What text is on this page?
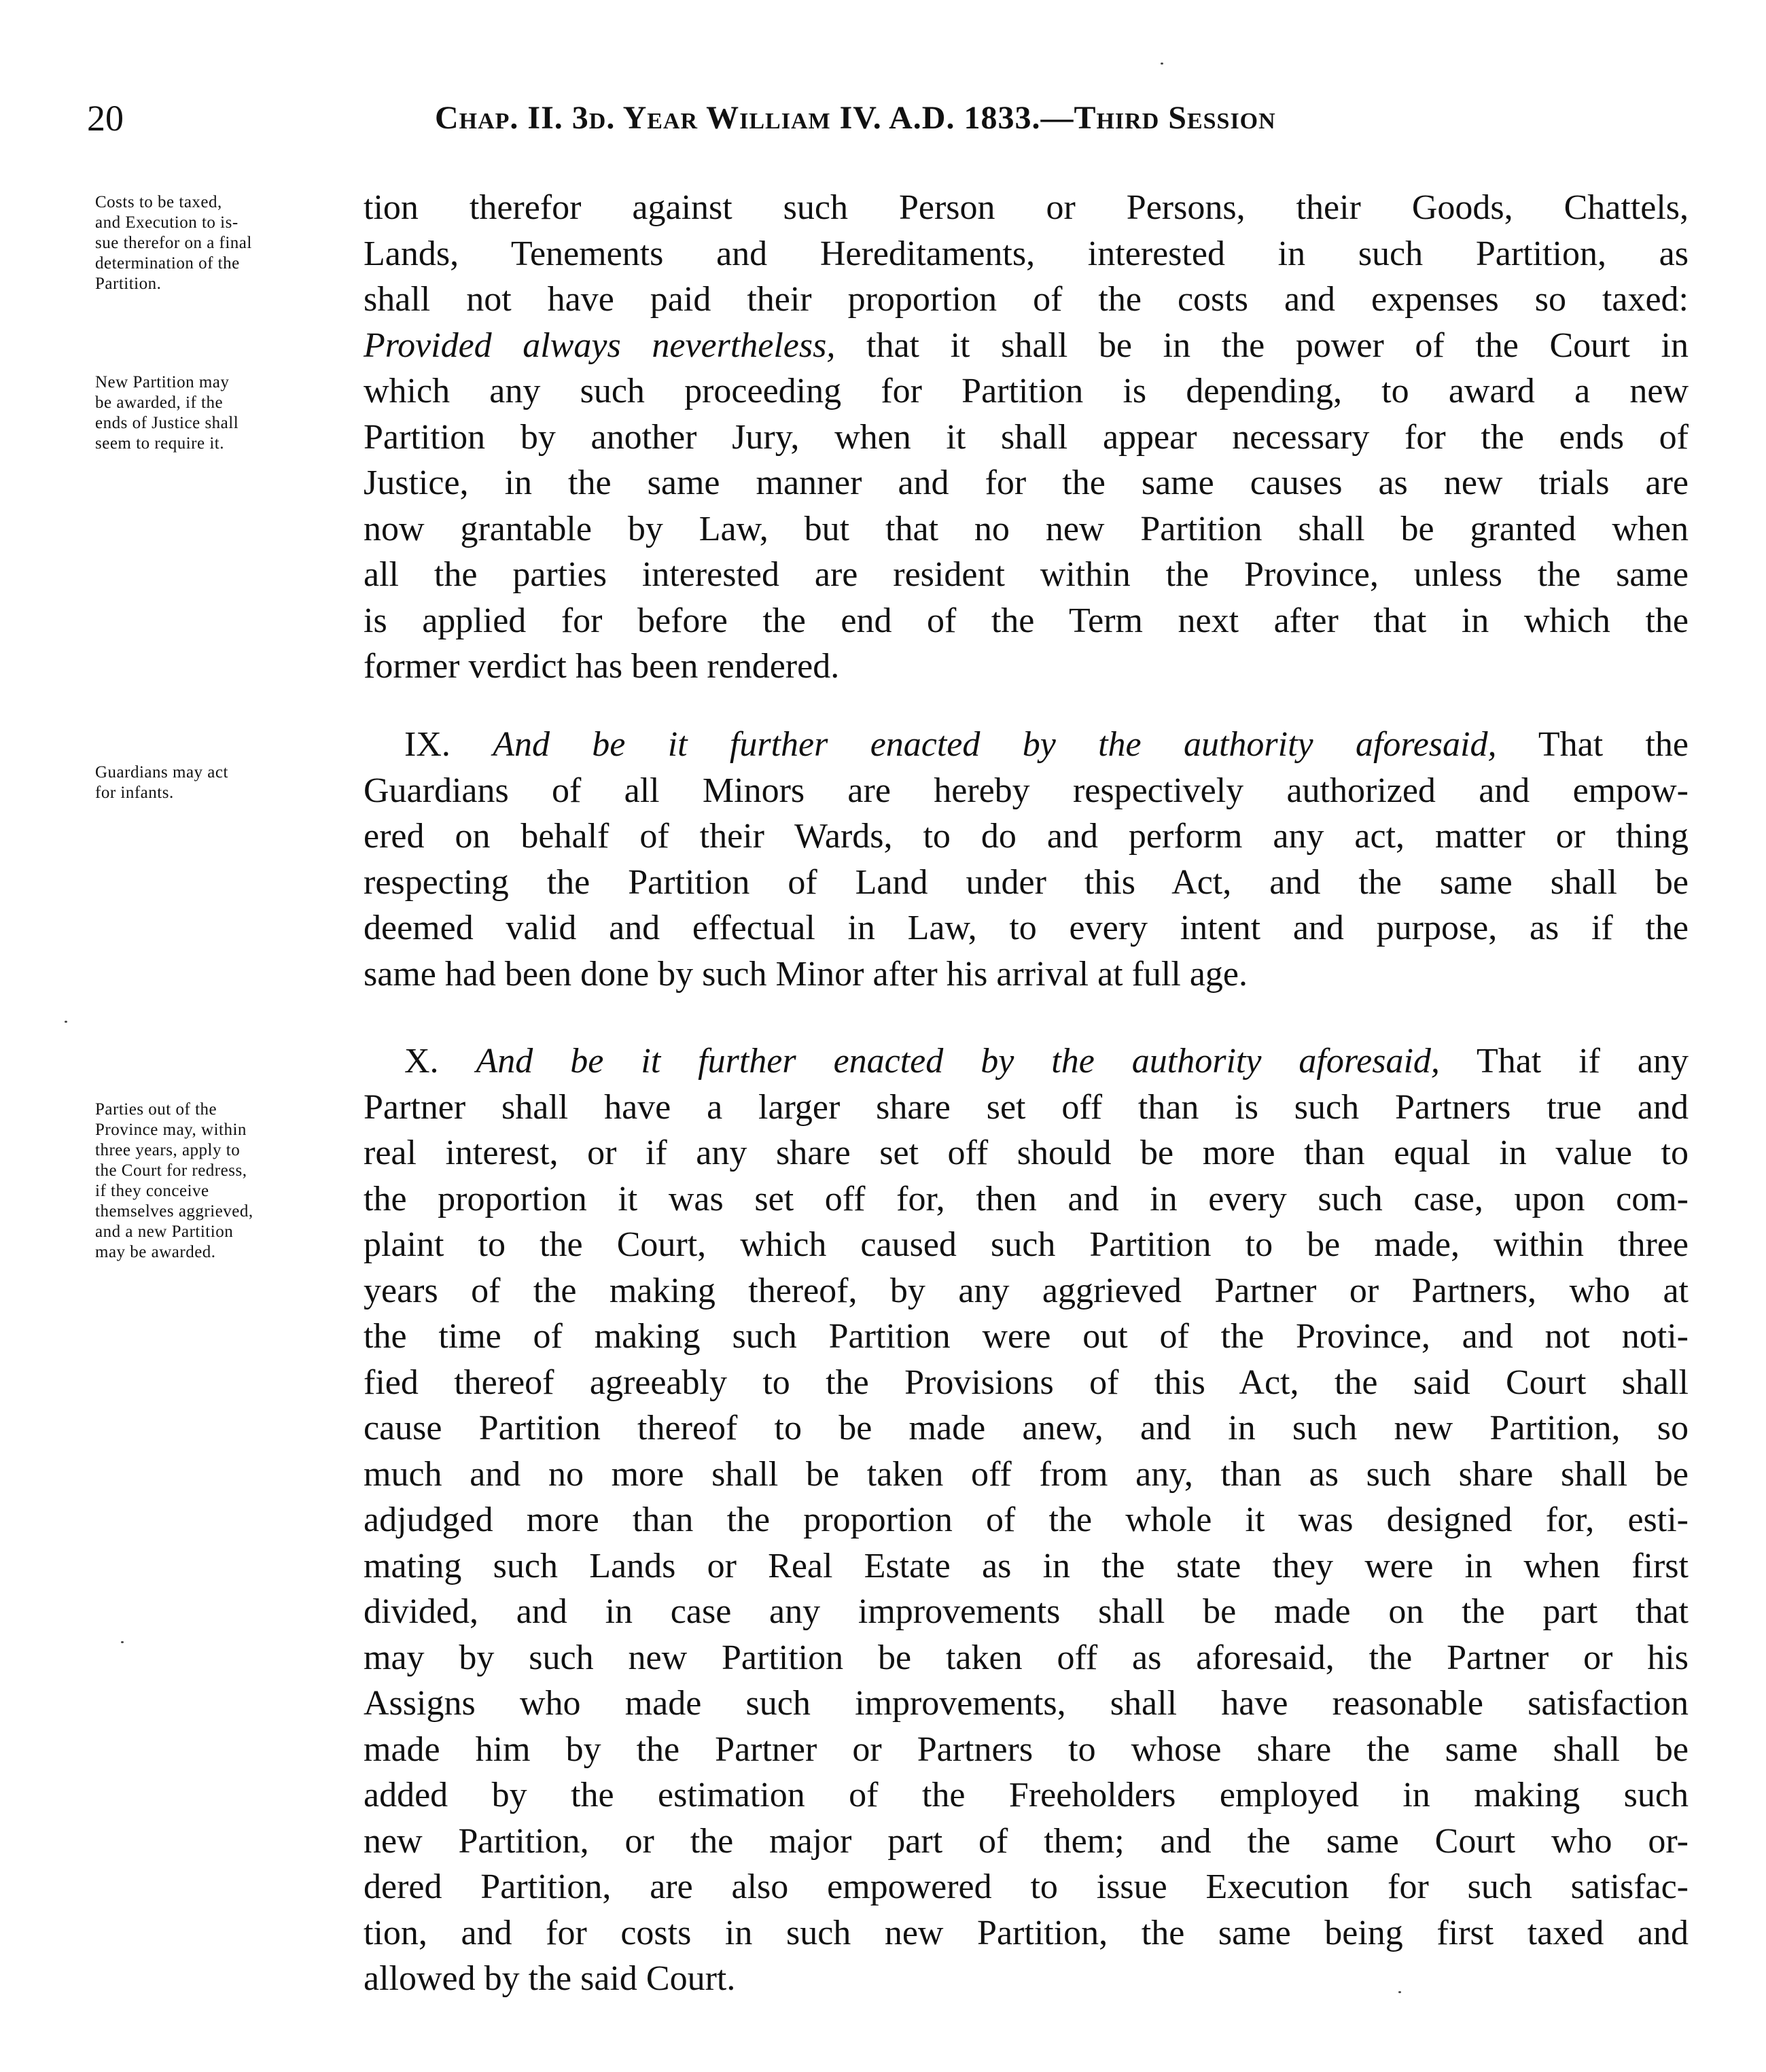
20	Chap. II. 3d. Year William IV. A.D. 1833.—Third Session
Costs to be taxed,
and Execution to is-
sue therefor on a final
determination of the
Partition.
New Partition may
be awarded, if the
ends of Justice shall
seem to require it.
Guardians may act
for infants.
Parties out of the
Province may, within
three years, apply to
the Court for redress,
if they conceive
themselves aggrieved,
and a new Partition
may be awarded.
tion therefor against such Person or Persons, their Goods, Chattels,
Lands, Tenements and Hereditaments, interested in such Partition, as
shall not have paid their proportion of the costs and expenses so taxed:
Provided always nevertheless, that it shall be in the power of the Court in
which any such proceeding for Partition is depending, to award a new
Partition by another Jury, when it shall appear necessary for the ends of
Justice, in the same manner and for the same causes as new trials are
now grantable by Law, but that no new Partition shall be granted when
all the parties interested are resident within the Province, unless the same
is applied for before the end of the Term next after that in which the
former verdict has been rendered.
IX. And be it further enacted by the authority aforesaid, That the
Guardians of all Minors are hereby respectively authorized and empow-
ered on behalf of their Wards, to do and perform any act, matter or thing
respecting the Partition of Land under this Act, and the same shall be
deemed valid and effectual in Law, to every intent and purpose, as if the
same had been done by such Minor after his arrival at full age.
X. And be it further enacted by the authority aforesaid, That if any
Partner shall have a larger share set off than is such Partners true and
real interest, or if any share set off should be more than equal in value to
the proportion it was set off for, then and in every such case, upon com-
plaint to the Court, which caused such Partition to be made, within three
years of the making thereof, by any aggrieved Partner or Partners, who at
the time of making such Partition were out of the Province, and not noti-
fied thereof agreeably to the Provisions of this Act, the said Court shall
cause Partition thereof to be made anew, and in such new Partition, so
much and no more shall be taken off from any, than as such share shall be
adjudged more than the proportion of the whole it was designed for, esti-
mating such Lands or Real Estate as in the state they were in when first
divided, and in case any improvements shall be made on the part that
may by such new Partition be taken off as aforesaid, the Partner or his
Assigns who made such improvements, shall have reasonable satisfaction
made him by the Partner or Partners to whose share the same shall be
added by the estimation of the Freeholders employed in making such
new Partition, or the major part of them; and the same Court who or-
dered Partition, are also empowered to issue Execution for such satisfac-
tion, and for costs in such new Partition, the same being first taxed and
allowed by the said Court.
